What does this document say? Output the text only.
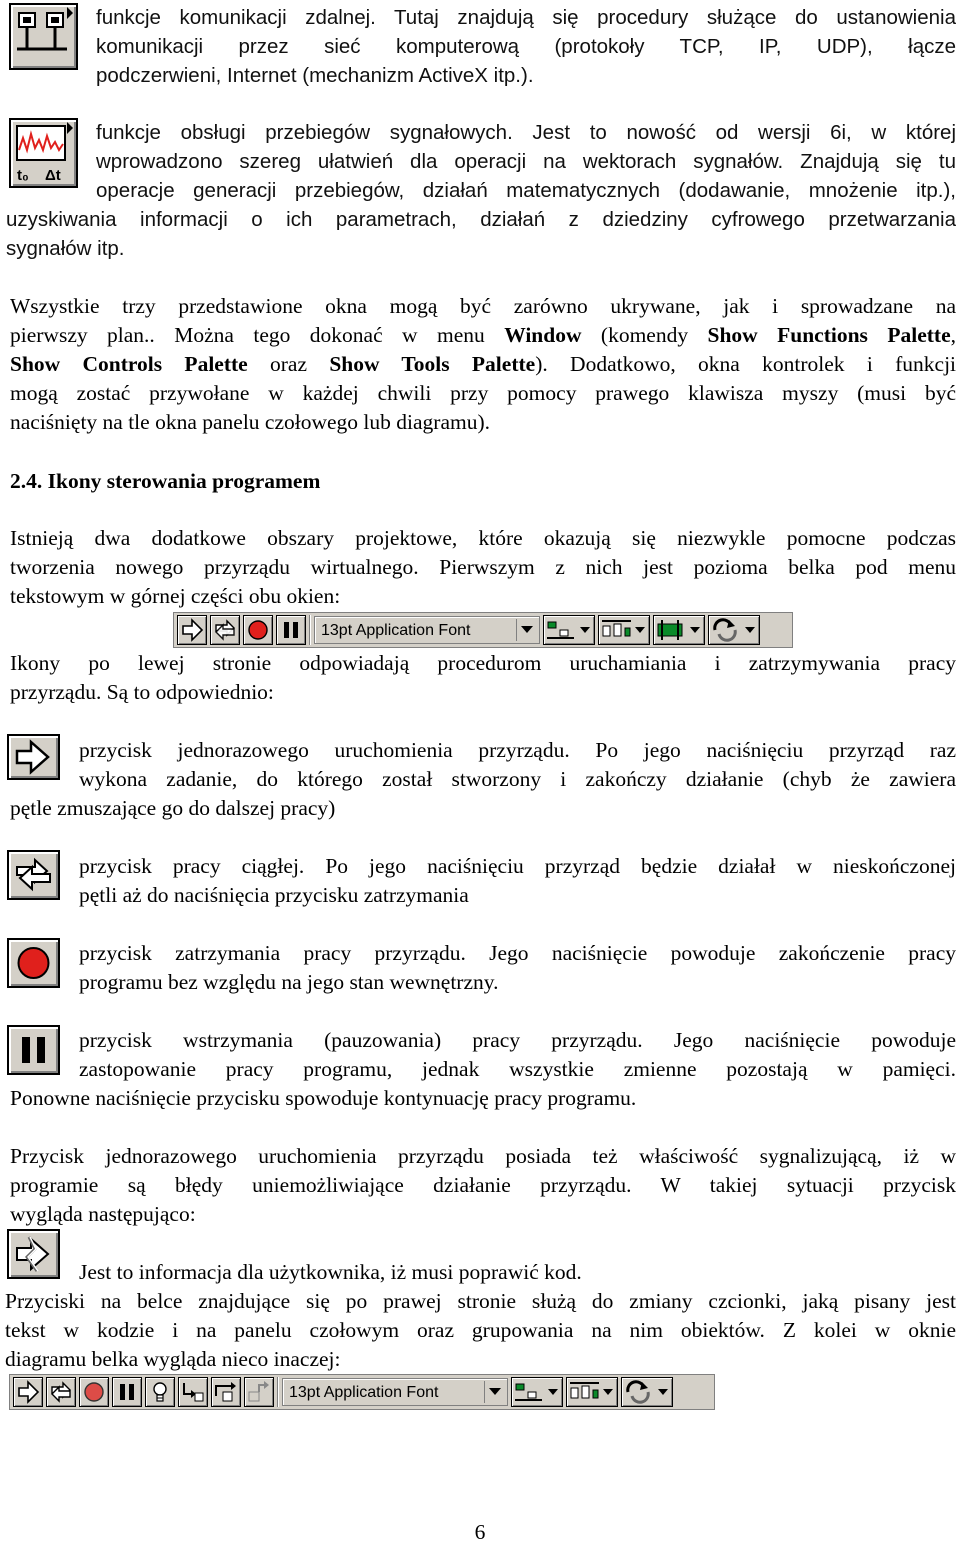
funkcje komunikacji zdalnej. Tutaj znajdują się procedury służące do ustanowienia
komunikacji przez sieć komputerową (protokoły TCP, IP, UDP), łącze
podczerwieni, Internet (mechanizm ActiveX itp.).
t₀ Δt
funkcje obsługi przebiegów sygnałowych. Jest to nowość od wersji 6i, w której
wprowadzono szereg ułatwień dla operacji na wektorach sygnałów. Znajdują się tu
operacje generacji przebiegów, działań matematycznych (dodawanie, mnożenie itp.),
uzyskiwania informacji o ich parametrach, działań z dziedziny cyfrowego przetwarzania
sygnałów itp.
Wszystkie trzy przedstawione okna mogą być zarówno ukrywane, jak i sprowadzane na
pierwszy plan.. Można tego dokonać w menu Window (komendy Show Functions Palette,
Show Controls Palette oraz Show Tools Palette). Dodatkowo, okna kontrolek i funkcji
mogą zostać przywołane w każdej chwili przy pomocy prawego klawisza myszy (musi być
naciśnięty na tle okna panelu czołowego lub diagramu).
2.4. Ikony sterowania programem
Istnieją dwa dodatkowe obszary projektowe, które okazują się niezwykle pomocne podczas
tworzenia nowego przyrządu wirtualnego. Pierwszym z nich jest pozioma belka pod menu
tekstowym w górnej części obu okien:
13pt Application Font
Ikony po lewej stronie odpowiadają procedurom uruchamiania i zatrzymywania pracy
przyrządu. Są to odpowiednio:
przycisk jednorazowego uruchomienia przyrządu. Po jego naciśnięciu przyrząd raz
wykona zadanie, do którego został stworzony i zakończy działanie (chyb że zawiera
pętle zmuszające go do dalszej pracy)
przycisk pracy ciągłej. Po jego naciśnięciu przyrząd będzie działał w nieskończonej
pętli aż do naciśnięcia przycisku zatrzymania
przycisk zatrzymania pracy przyrządu. Jego naciśnięcie powoduje zakończenie pracy
programu bez względu na jego stan wewnętrzny.
przycisk wstrzymania (pauzowania) pracy przyrządu. Jego naciśnięcie powoduje
zastopowanie pracy programu, jednak wszystkie zmienne pozostają w pamięci.
Ponowne naciśnięcie przycisku spowoduje kontynuację pracy programu.
Przycisk jednorazowego uruchomienia przyrządu posiada też właściwość sygnalizującą, iż w
programie są błędy uniemożliwiające działanie przyrządu. W takiej sytuacji przycisk
wygląda następująco:
Jest to informacja dla użytkownika, iż musi poprawić kod.
Przyciski na belce znajdujące się po prawej stronie służą do zmiany czcionki, jaką pisany jest
tekst w kodzie i na panelu czołowym oraz grupowania na nim obiektów. Z kolei w oknie
diagramu belka wygląda nieco inaczej:
13pt Application Font
6
